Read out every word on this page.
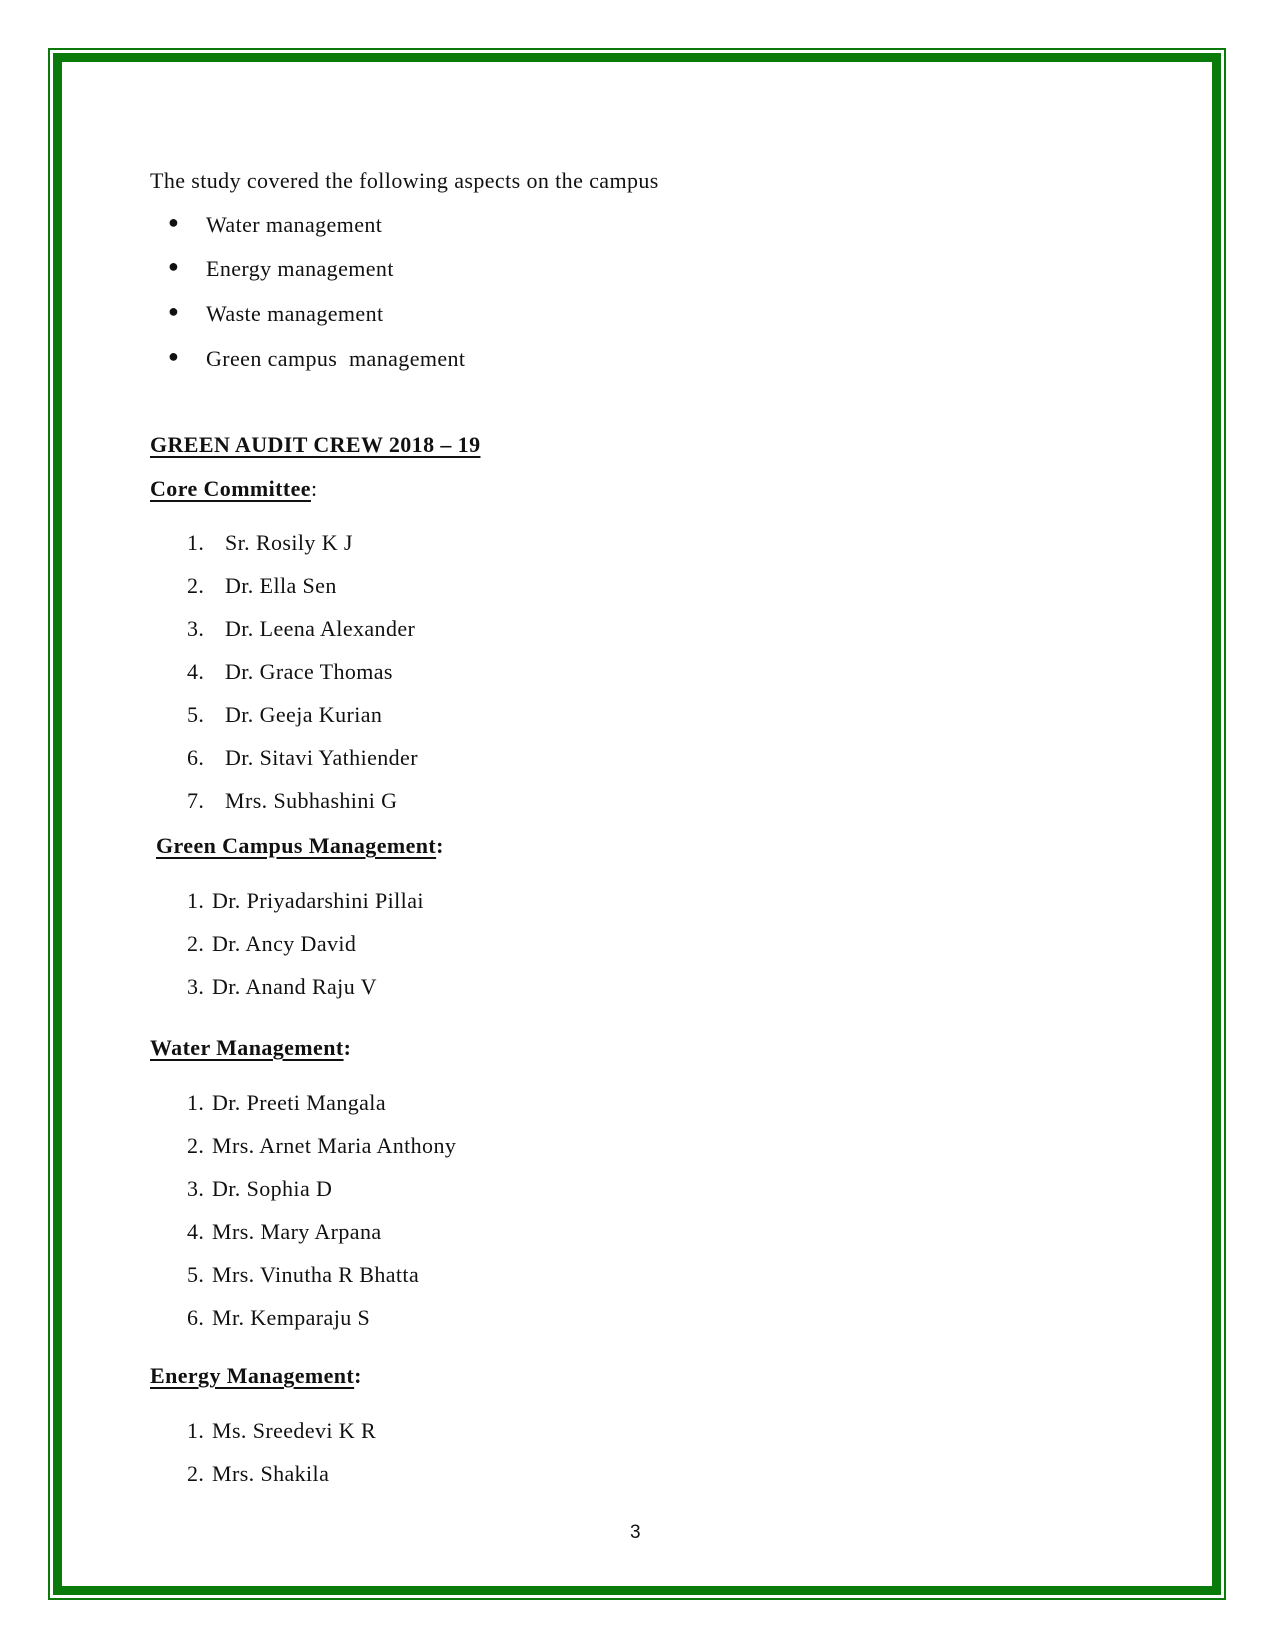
The study covered the following aspects on the campus
● Water management
● Energy management
● Waste management
● Green campus  management
GREEN AUDIT CREW 2018 – 19
Core Committee:
1. Sr. Rosily K J
2. Dr. Ella Sen
3. Dr. Leena Alexander
4. Dr. Grace Thomas
5. Dr. Geeja Kurian
6. Dr. Sitavi Yathiender
7. Mrs. Subhashini G
Green Campus Management:
1. Dr. Priyadarshini Pillai
2. Dr. Ancy David
3. Dr. Anand Raju V
Water Management:
1. Dr. Preeti Mangala
2. Mrs. Arnet Maria Anthony
3. Dr. Sophia D
4. Mrs. Mary Arpana
5. Mrs. Vinutha R Bhatta
6. Mr. Kemparaju S
Energy Management:
1. Ms. Sreedevi K R
2. Mrs. Shakila
3
